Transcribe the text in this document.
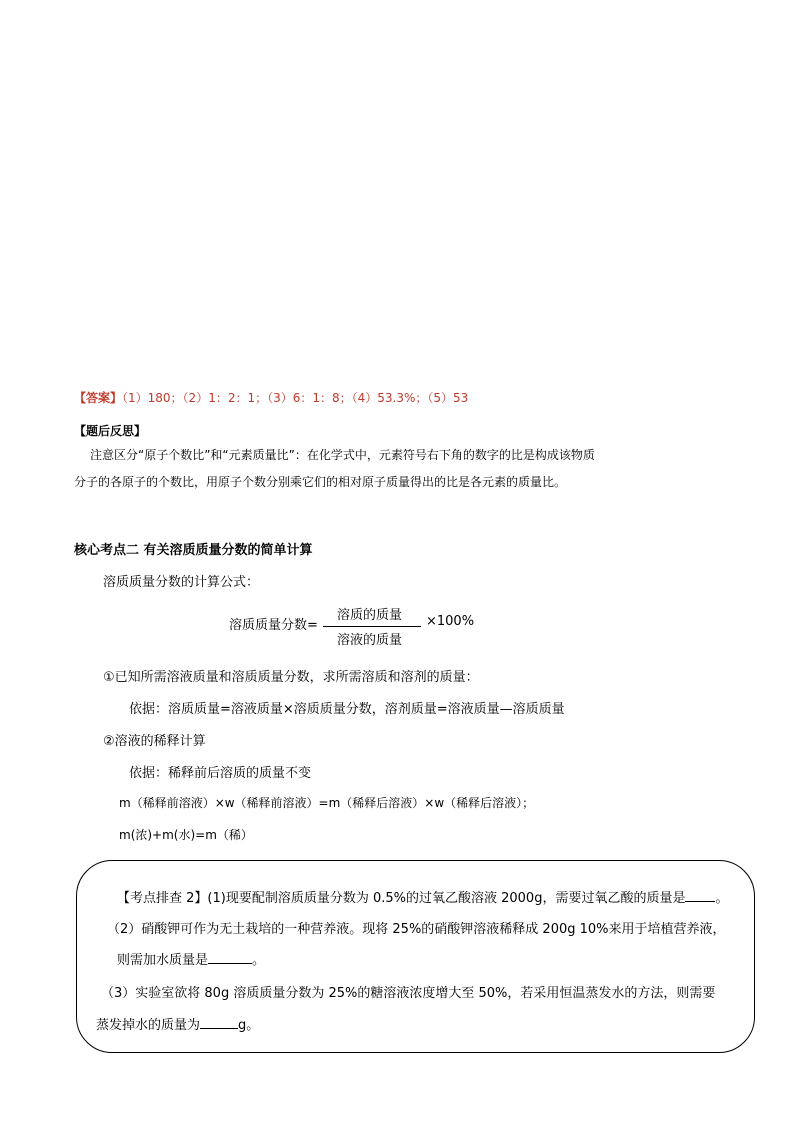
【答案】（1）180；（2）1：2：1；（3）6：1：8；（4）53.3%；（5）53
【题后反思】
注意区分“原子个数比”和“元素质量比”：在化学式中，元素符号右下角的数字的比是构成该物质
分子的各原子的个数比，用原子个数分别乘它们的相对原子质量得出的比是各元素的质量比。
核心考点二 有关溶质质量分数的简单计算
溶质质量分数的计算公式：
溶质质量分数=
溶质的质量
溶液的质量
×100%
①已知所需溶液质量和溶质质量分数，求所需溶质和溶剂的质量：
依据：溶质质量=溶液质量×溶质质量分数，溶剂质量=溶液质量—溶质质量
②溶液的稀释计算
依据：稀释前后溶质的质量不变
m（稀释前溶液）×w（稀释前溶液）=m（稀释后溶液）×w（稀释后溶液）；
m(浓)+m(水)=m（稀）
【考点排查 2】(1)现要配制溶质质量分数为 0.5%的过氧乙酸溶液 2000g，需要过氧乙酸的质量是 。
（2）硝酸钾可作为无土栽培的一种营养液。现将 25%的硝酸钾溶液稀释成 200g 10%来用于培植营养液，
则需加水质量是	。
（3）实验室欲将 80g 溶质质量分数为 25%的糖溶液浓度增大至 50%，若采用恒温蒸发水的方法，则需要
蒸发掉水的质量为	g。
